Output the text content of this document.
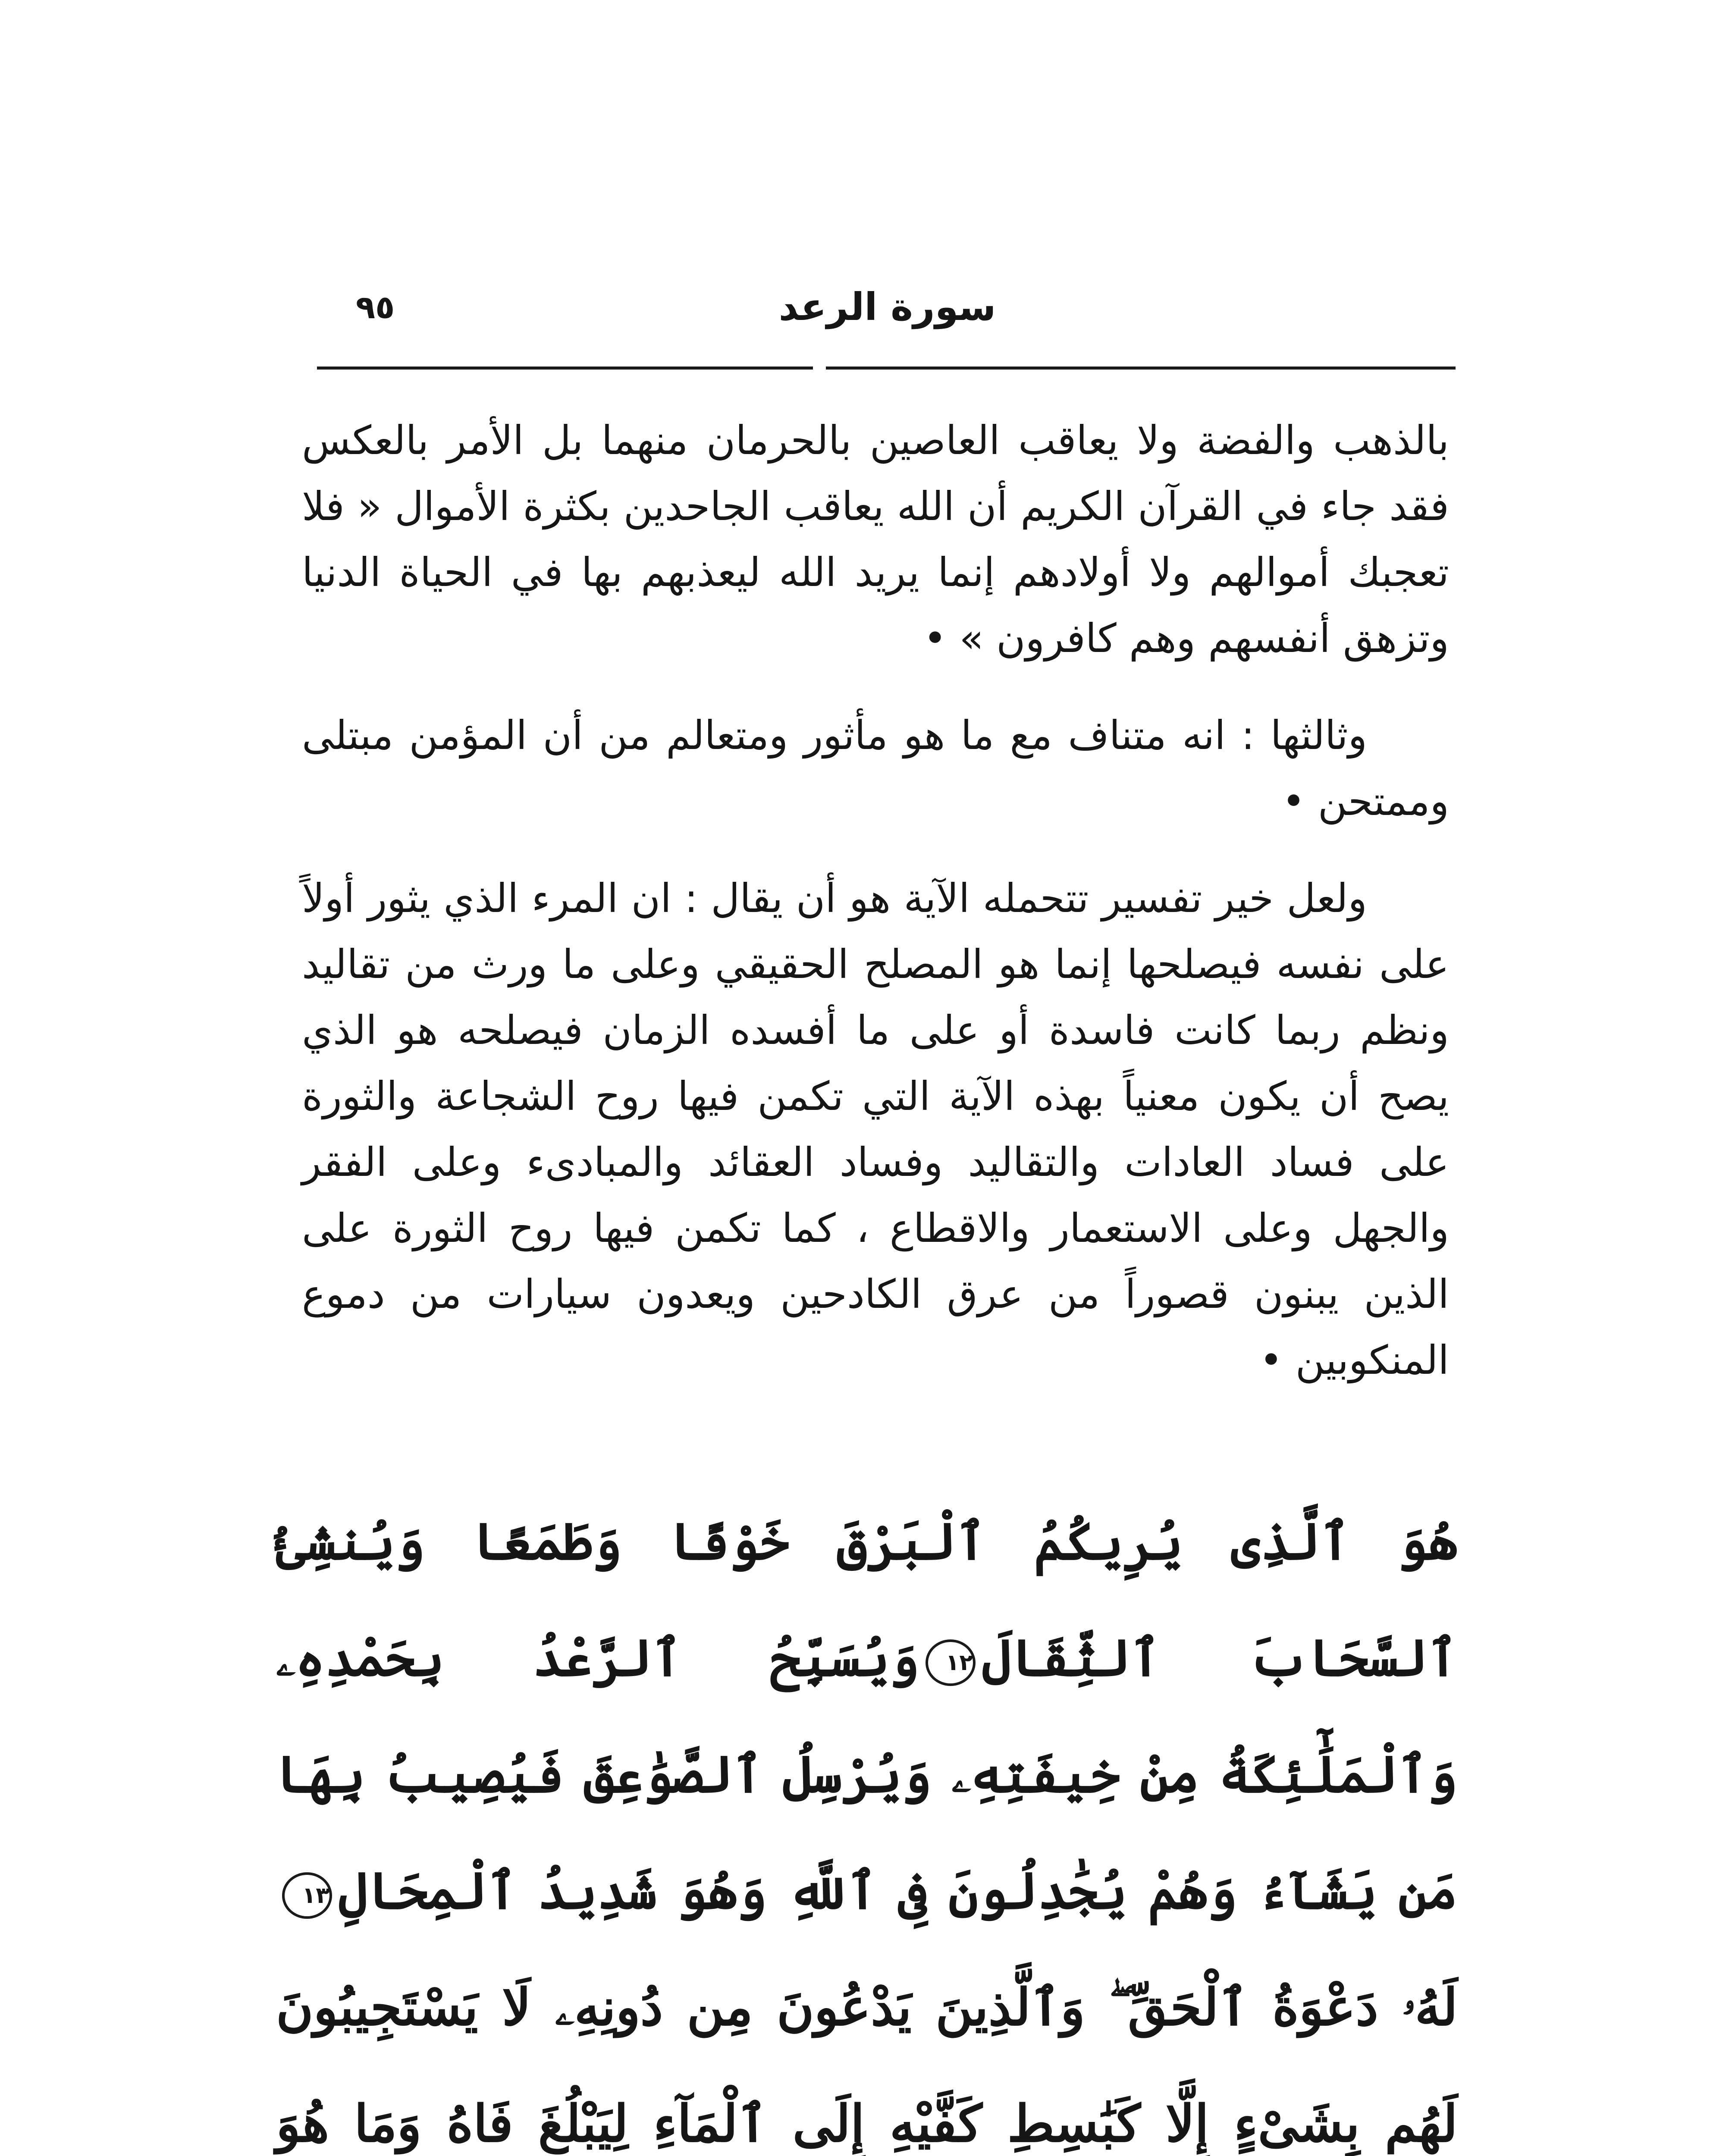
سورة الرعد
٩٥

بالذهب والفضة ولا يعاقب العاصين بالحرمان منهما بل الأمر بالعكس فقد جاء في القرآن الكريم أن الله يعاقب الجاحدين بكثرة الأموال « فلا تعجبك أموالهم ولا أولادهم إنما يريد الله ليعذبهم بها في الحياة الدنيا وتزهق أنفسهم وهم كافرون » •

وثالثها : انه متناف مع ما هو مأثور ومتعالم من أن المؤمن مبتلى وممتحن •

ولعل خير تفسير تتحمله الآية هو أن يقال : ان المرء الذي يثور أولاً على نفسه فيصلحها إنما هو المصلح الحقيقي وعلى ما ورث من تقاليد ونظم ربما كانت فاسدة أو على ما أفسده الزمان فيصلحه هو الذي يصح أن يكون معنياً بهذه الآية التي تكمن فيها روح الشجاعة والثورة على فساد العادات والتقاليد وفساد العقائد والمبادىء وعلى الفقر والجهل وعلى الاستعمار والاقطاع ، كما تكمن فيها روح الثورة على الذين يبنون قصوراً من عرق الكادحين ويعدون سيارات من دموع المنكوبين •

هُوَ ٱلَّذِى يُرِيكُمُ ٱلْبَرْقَ خَوْفًا وَطَمَعًا وَيُنشِئُ ٱلسَّحَابَ ٱلثِّقَالَ١٢وَيُسَبِّحُ ٱلرَّعْدُ بِحَمْدِهِۦ وَٱلْمَلَٰٓئِكَةُ مِنْ خِيفَتِهِۦ وَيُرْسِلُ ٱلصَّوَٰعِقَ فَيُصِيبُ بِهَا مَن يَشَآءُ وَهُمْ يُجَٰدِلُونَ فِى ٱللَّهِ وَهُوَ شَدِيدُ ٱلْمِحَالِ١٣لَهُۥ دَعْوَةُ ٱلْحَقِّ ۖ وَٱلَّذِينَ يَدْعُونَ مِن دُونِهِۦ لَا يَسْتَجِيبُونَ لَهُم بِشَىْءٍ إِلَّا كَبَٰسِطِ كَفَّيْهِ إِلَى ٱلْمَآءِ لِيَبْلُغَ فَاهُ وَمَا هُوَ
